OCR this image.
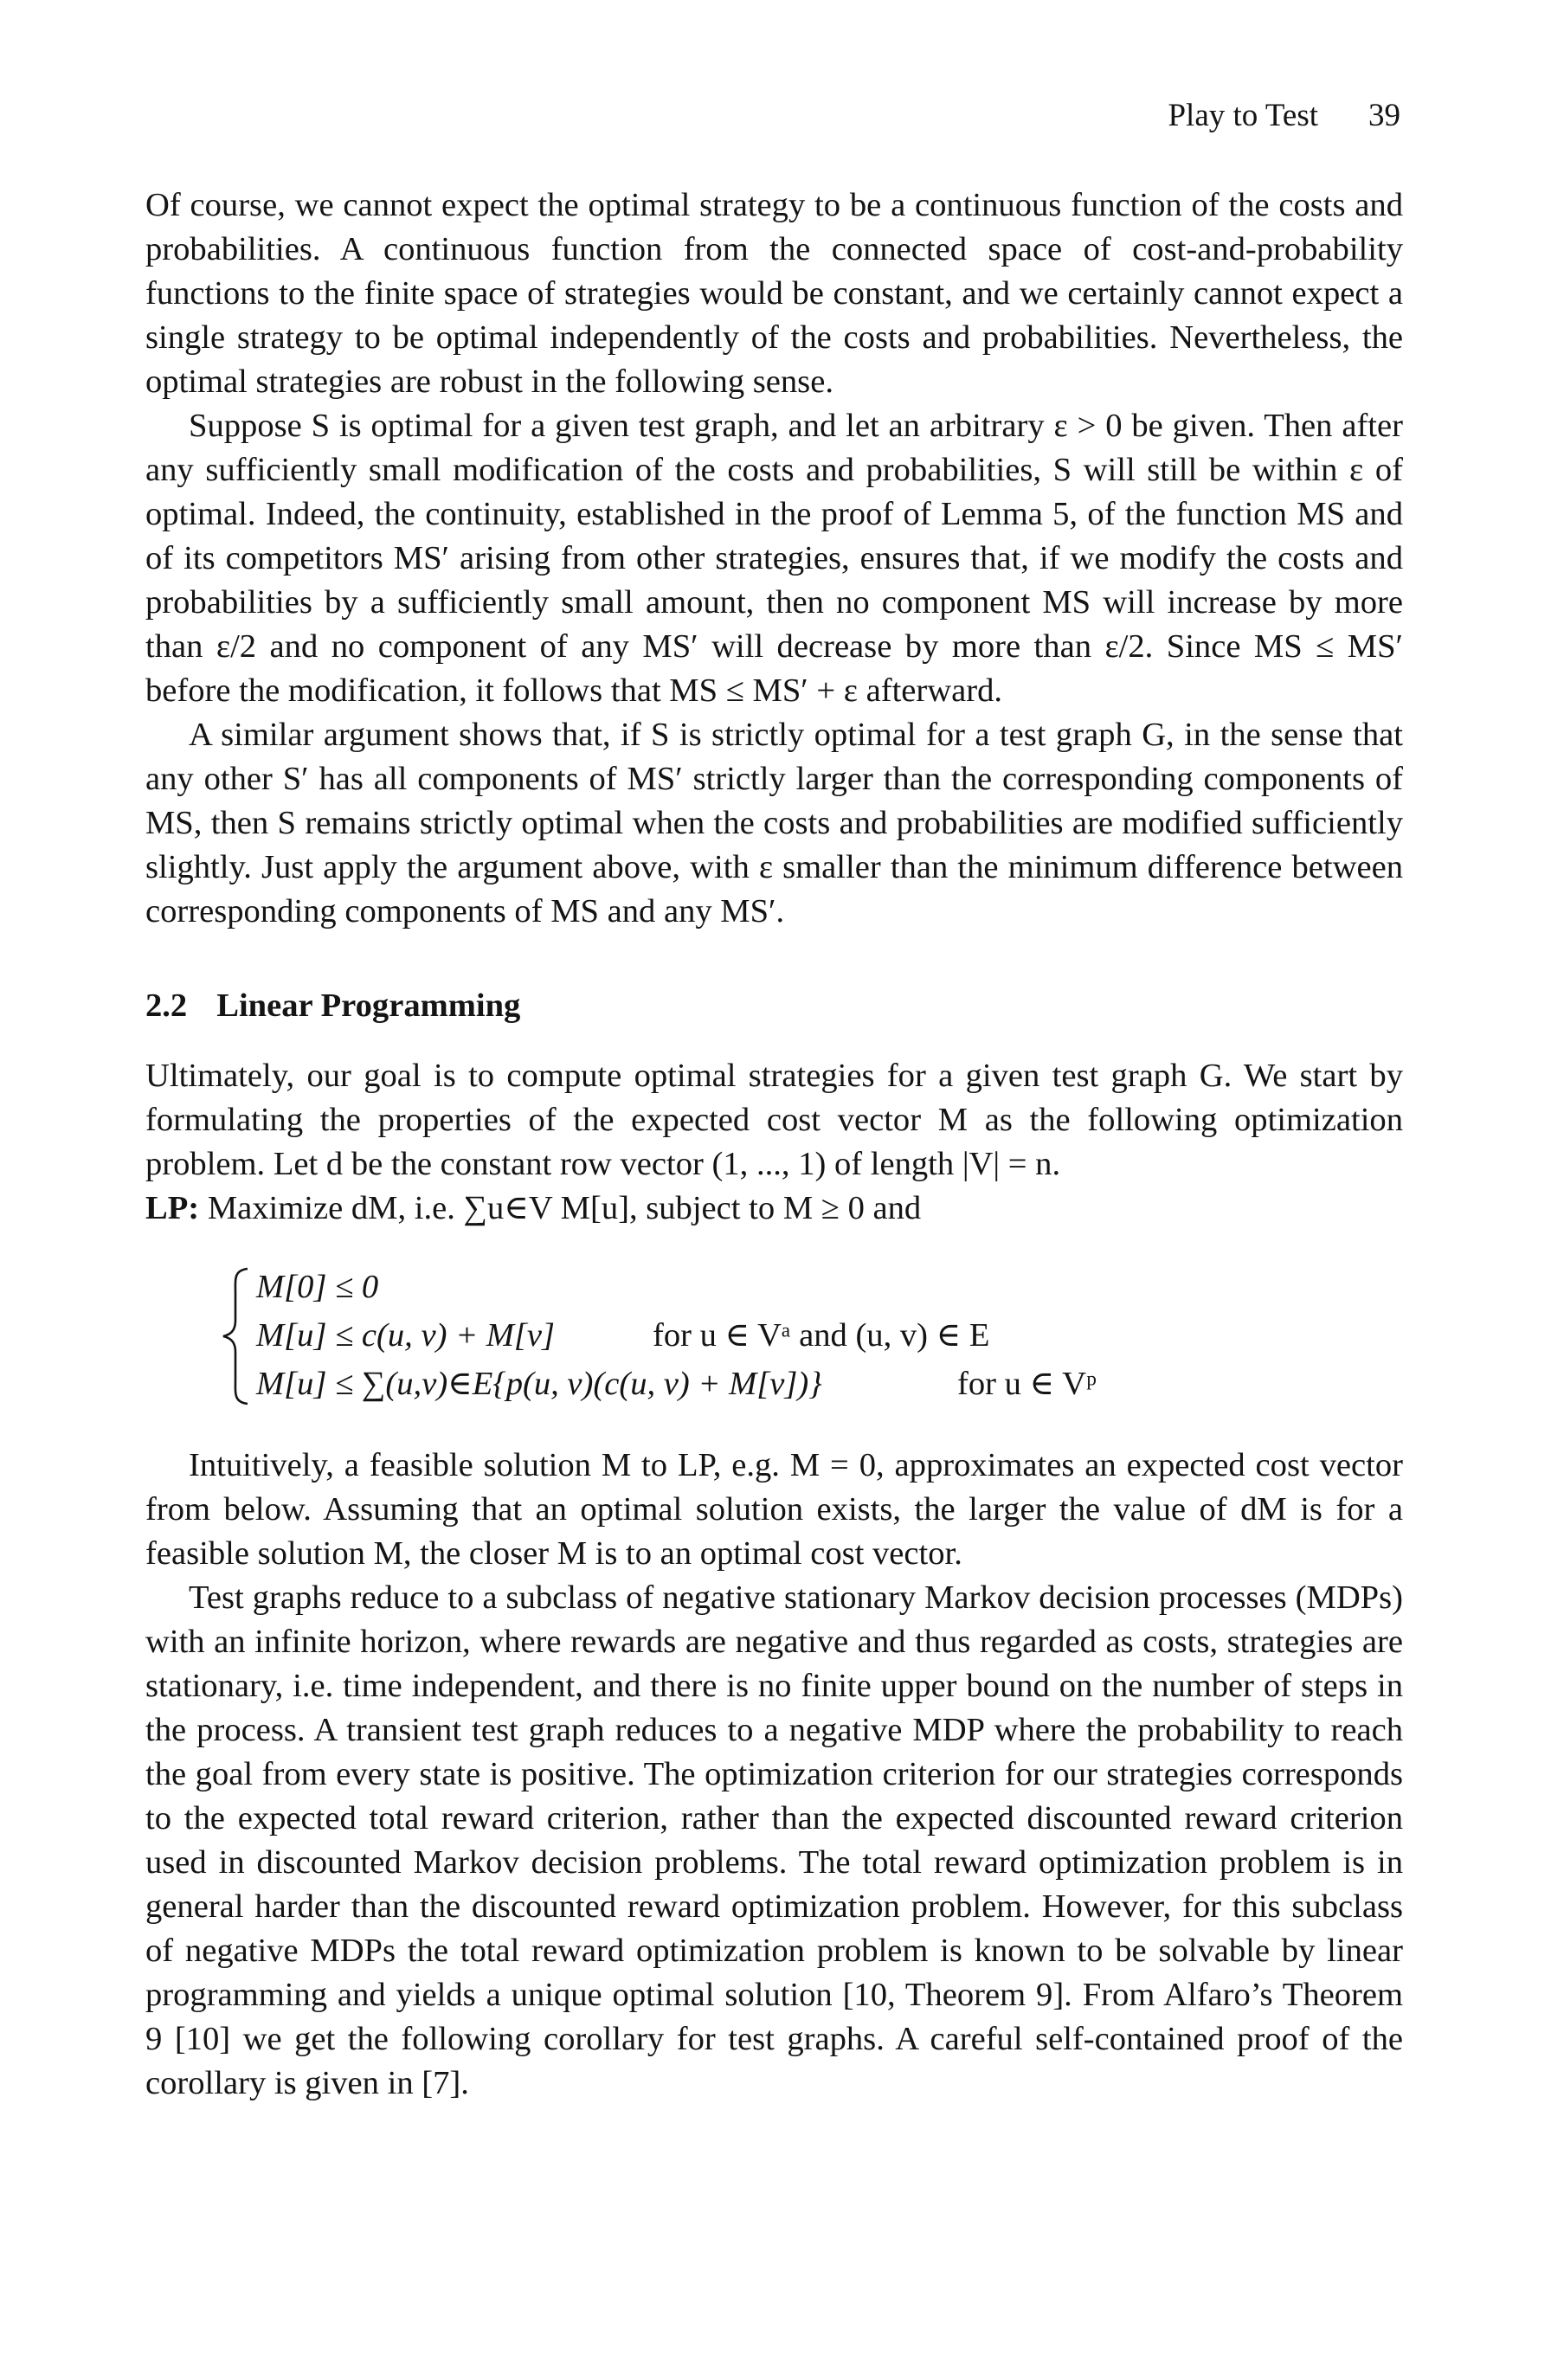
Play to Test 39

Of course, we cannot expect the optimal strategy to be a continuous function of the costs and probabilities. A continuous function from the connected space of cost-and-probability functions to the finite space of strategies would be constant, and we certainly cannot expect a single strategy to be optimal independently of the costs and probabilities. Nevertheless, the optimal strategies are robust in the following sense.

Suppose S is optimal for a given test graph, and let an arbitrary ε > 0 be given. Then after any sufficiently small modification of the costs and probabilities, S will still be within ε of optimal. Indeed, the continuity, established in the proof of Lemma 5, of the function MS and of its competitors MS′ arising from other strategies, ensures that, if we modify the costs and probabilities by a sufficiently small amount, then no component MS will increase by more than ε/2 and no component of any MS′ will decrease by more than ε/2. Since MS ≤ MS′ before the modification, it follows that MS ≤ MS′ + ε afterward.

A similar argument shows that, if S is strictly optimal for a test graph G, in the sense that any other S′ has all components of MS′ strictly larger than the corresponding components of MS, then S remains strictly optimal when the costs and probabilities are modified sufficiently slightly. Just apply the argument above, with ε smaller than the minimum difference between corresponding components of MS and any MS′.

2.2 Linear Programming

Ultimately, our goal is to compute optimal strategies for a given test graph G. We start by formulating the properties of the expected cost vector M as the following optimization problem. Let d be the constant row vector (1, ..., 1) of length |V| = n.

LP: Maximize dM, i.e. ∑u∈V M[u], subject to M ≥ 0 and

M[0] ≤ 0
M[u] ≤ c(u, v) + M[v]	for u ∈ Vᵃ and (u, v) ∈ E
M[u] ≤ ∑(u,v)∈E{p(u, v)(c(u, v) + M[v])}	for u ∈ Vᵖ

Intuitively, a feasible solution M to LP, e.g. M = 0, approximates an expected cost vector from below. Assuming that an optimal solution exists, the larger the value of dM is for a feasible solution M, the closer M is to an optimal cost vector.

Test graphs reduce to a subclass of negative stationary Markov decision processes (MDPs) with an infinite horizon, where rewards are negative and thus regarded as costs, strategies are stationary, i.e. time independent, and there is no finite upper bound on the number of steps in the process. A transient test graph reduces to a negative MDP where the probability to reach the goal from every state is positive. The optimization criterion for our strategies corresponds to the expected total reward criterion, rather than the expected discounted reward criterion used in discounted Markov decision problems. The total reward optimization problem is in general harder than the discounted reward optimization problem. However, for this subclass of negative MDPs the total reward optimization problem is known to be solvable by linear programming and yields a unique optimal solution [10, Theorem 9]. From Alfaro’s Theorem 9 [10] we get the following corollary for test graphs. A careful self-contained proof of the corollary is given in [7].
